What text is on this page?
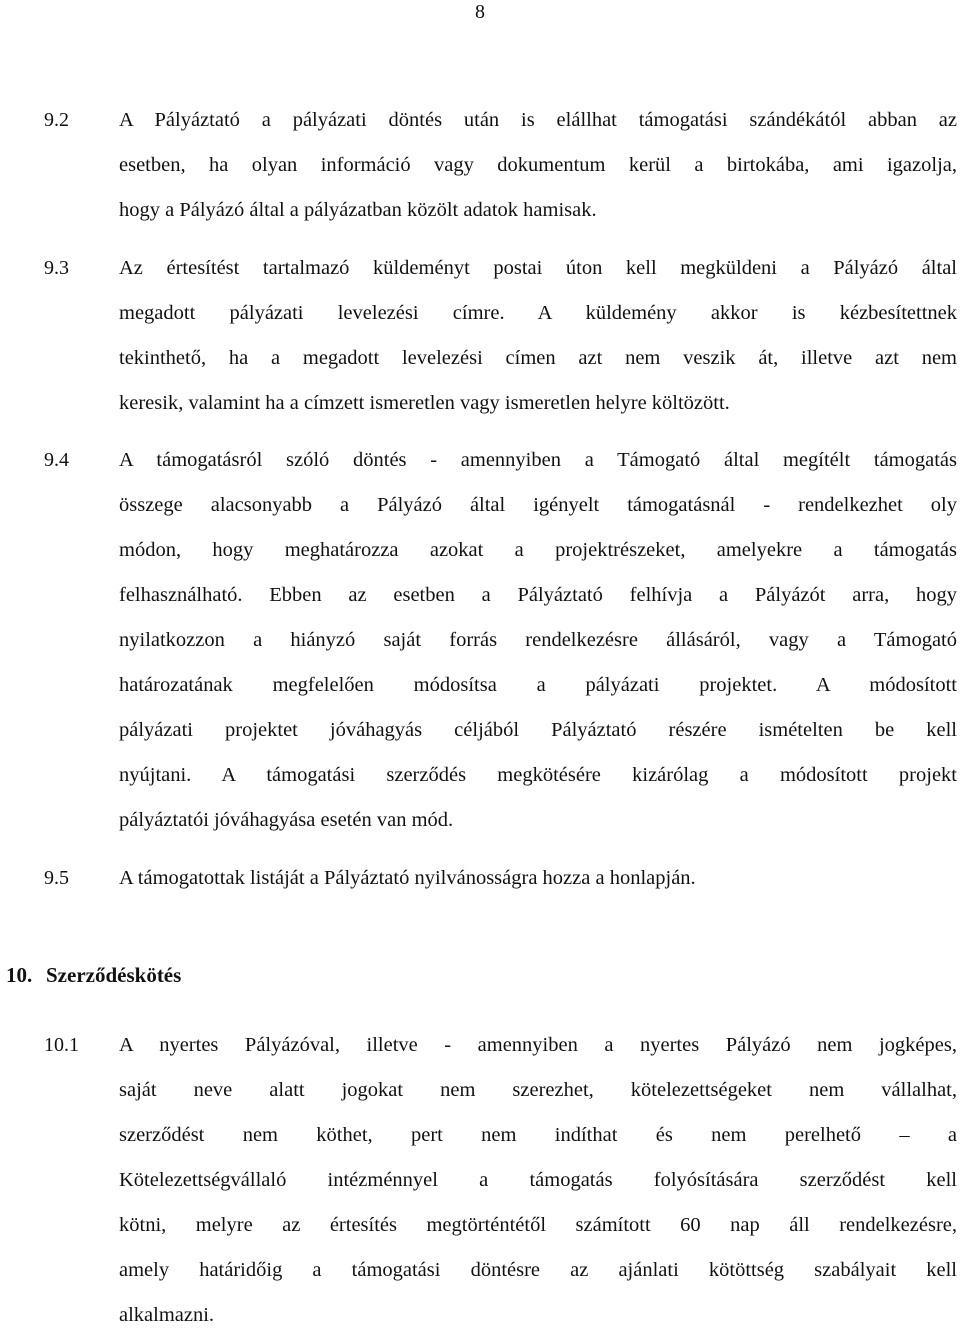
8
9.2 A Pályáztató a pályázati döntés után is elállhat támogatási szándékától abban az
esetben, ha olyan információ vagy dokumentum kerül a birtokába, ami igazolja,
hogy a Pályázó által a pályázatban közölt adatok hamisak.
9.3 Az értesítést tartalmazó küldeményt postai úton kell megküldeni a Pályázó által
megadott pályázati levelezési címre. A küldemény akkor is kézbesítettnek
tekinthető, ha a megadott levelezési címen azt nem veszik át, illetve azt nem
keresik, valamint ha a címzett ismeretlen vagy ismeretlen helyre költözött.
9.4 A támogatásról szóló döntés - amennyiben a Támogató által megítélt támogatás
összege alacsonyabb a Pályázó által igényelt támogatásnál - rendelkezhet oly
módon, hogy meghatározza azokat a projektrészeket, amelyekre a támogatás
felhasználható. Ebben az esetben a Pályáztató felhívja a Pályázót arra, hogy
nyilatkozzon a hiányzó saját forrás rendelkezésre állásáról, vagy a Támogató
határozatának megfelelően módosítsa a pályázati projektet. A módosított
pályázati projektet jóváhagyás céljából Pályáztató részére ismételten be kell
nyújtani. A támogatási szerződés megkötésére kizárólag a módosított projekt
pályáztatói jóváhagyása esetén van mód.
9.5 A támogatottak listáját a Pályáztató nyilvánosságra hozza a honlapján.
10. Szerződéskötés
10.1 A nyertes Pályázóval, illetve - amennyiben a nyertes Pályázó nem jogképes,
saját neve alatt jogokat nem szerezhet, kötelezettségeket nem vállalhat,
szerződést nem köthet, pert nem indíthat és nem perelhető – a
Kötelezettségvállaló intézménnyel a támogatás folyósítására szerződést kell
kötni, melyre az értesítés megtörténtétől számított 60 nap áll rendelkezésre,
amely határidőig a támogatási döntésre az ajánlati kötöttség szabályait kell
alkalmazni.
